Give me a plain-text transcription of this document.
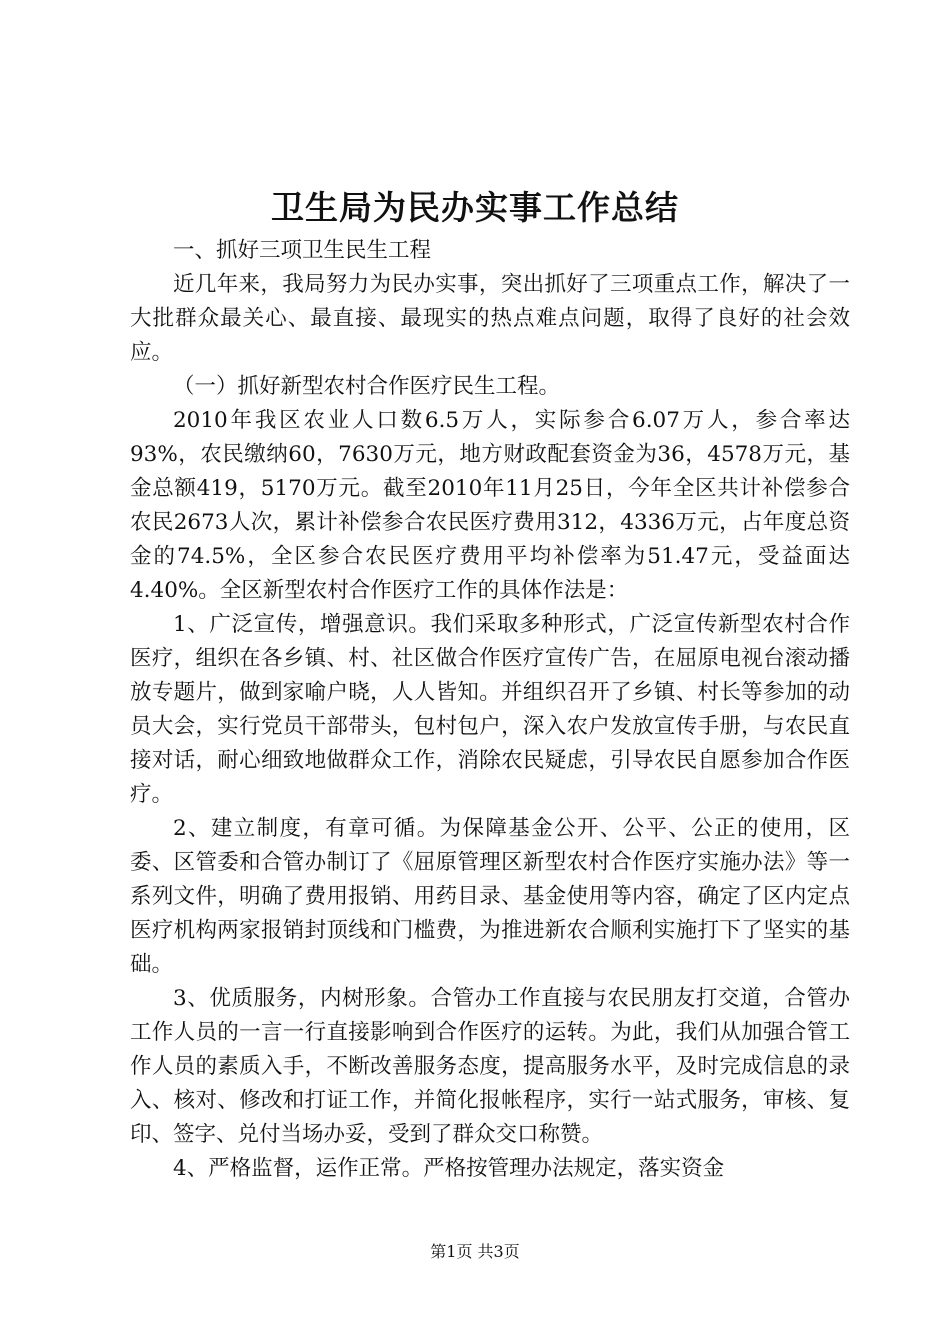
卫生局为民办实事工作总结

一、抓好三项卫生民生工程

近几年来，我局努力为民办实事，突出抓好了三项重点工作，解决了一大批群众最关心、最直接、最现实的热点难点问题，取得了良好的社会效应。

（一）抓好新型农村合作医疗民生工程。

2010年我区农业人口数6.5万人，实际参合6.07万人，参合率达93%，农民缴纳60，7630万元，地方财政配套资金为36，4578万元，基金总额419，5170万元。截至2010年11月25日，今年全区共计补偿参合农民2673人次，累计补偿参合农民医疗费用312，4336万元，占年度总资金的74.5%，全区参合农民医疗费用平均补偿率为51.47元，受益面达4.40%。全区新型农村合作医疗工作的具体作法是：

1、广泛宣传，增强意识。我们采取多种形式，广泛宣传新型农村合作医疗，组织在各乡镇、村、社区做合作医疗宣传广告，在屈原电视台滚动播放专题片，做到家喻户晓，人人皆知。并组织召开了乡镇、村长等参加的动员大会，实行党员干部带头，包村包户，深入农户发放宣传手册，与农民直接对话，耐心细致地做群众工作，消除农民疑虑，引导农民自愿参加合作医疗。

2、建立制度，有章可循。为保障基金公开、公平、公正的使用，区委、区管委和合管办制订了《屈原管理区新型农村合作医疗实施办法》等一系列文件，明确了费用报销、用药目录、基金使用等内容，确定了区内定点医疗机构两家报销封顶线和门槛费，为推进新农合顺利实施打下了坚实的基础。

3、优质服务，内树形象。合管办工作直接与农民朋友打交道，合管办工作人员的一言一行直接影响到合作医疗的运转。为此，我们从加强合管工作人员的素质入手，不断改善服务态度，提高服务水平，及时完成信息的录入、核对、修改和打证工作，并简化报帐程序，实行一站式服务，审核、复印、签字、兑付当场办妥，受到了群众交口称赞。

4、严格监督，运作正常。严格按管理办法规定，落实资金

第1页 共3页
